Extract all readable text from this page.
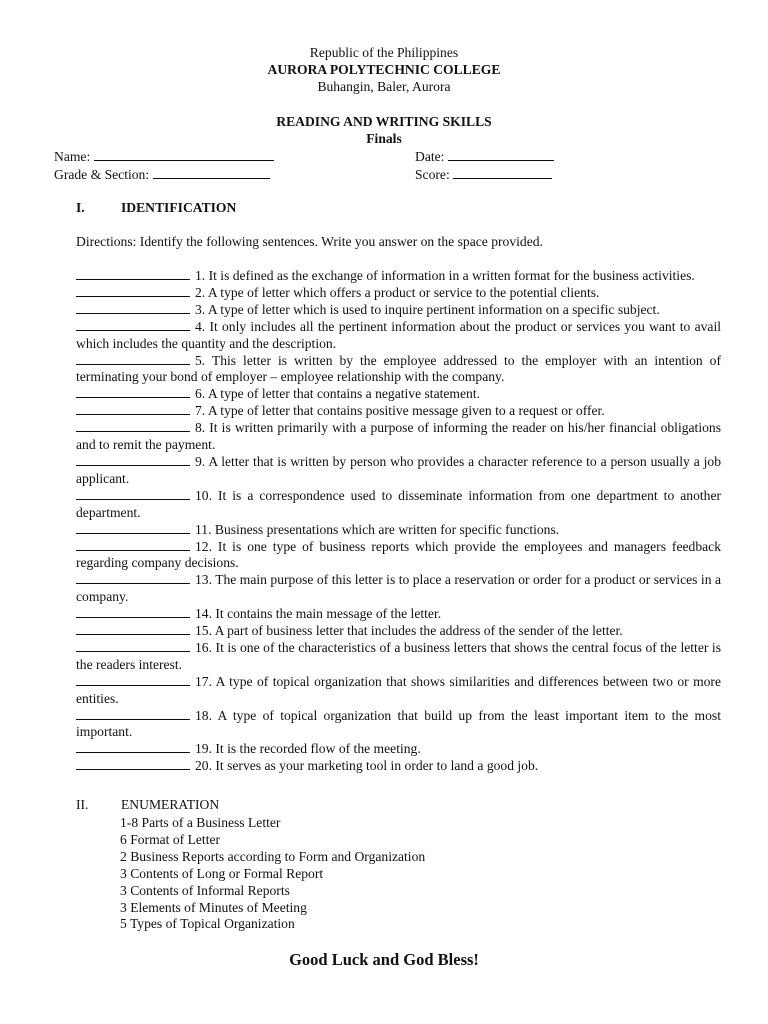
Republic of the Philippines
AURORA POLYTECHNIC COLLEGE
Buhangin, Baler, Aurora
READING AND WRITING SKILLS
Finals
Name:	Date:
Grade & Section:	Score:
I.	IDENTIFICATION
Directions: Identify the following sentences. Write you answer on the space provided.

1. It is defined as the exchange of information in a written format for the business activities.

2. A type of letter which offers a product or service to the potential clients.

3. A type of letter which is used to inquire pertinent information on a specific subject.

4. It only includes all the pertinent information about the product or services you want to avail which includes the quantity and the description.

5. This letter is written by the employee addressed to the employer with an intention of terminating your bond of employer – employee relationship with the company.

6. A type of letter that contains a negative statement.

7. A type of letter that contains positive message given to a request or offer.

8. It is written primarily with a purpose of informing the reader on his/her financial obligations and to remit the payment.

9. A letter that is written by person who provides a character reference to a person usually a job applicant.

10. It is a correspondence used to disseminate information from one department to another department.

11. Business presentations which are written for specific functions.

12. It is one type of business reports which provide the employees and managers feedback regarding company decisions.

13. The main purpose of this letter is to place a reservation or order for a product or services in a company.

14. It contains the main message of the letter.

15. A part of business letter that includes the address of the sender of the letter.

16. It is one of the characteristics of a business letters that shows the central focus of the letter is the readers interest.

17. A type of topical organization that shows similarities and differences between two or more entities.

18. A type of topical organization that build up from the least important item to the most important.

19. It is the recorded flow of the meeting.

20. It serves as your marketing tool in order to land a good job.

II. ENUMERATION
1-8 Parts of a Business Letter
6 Format of Letter
2 Business Reports according to Form and Organization
3 Contents of Long or Formal Report
3 Contents of Informal Reports
3 Elements of Minutes of Meeting
5 Types of Topical Organization
Good Luck and God Bless!
